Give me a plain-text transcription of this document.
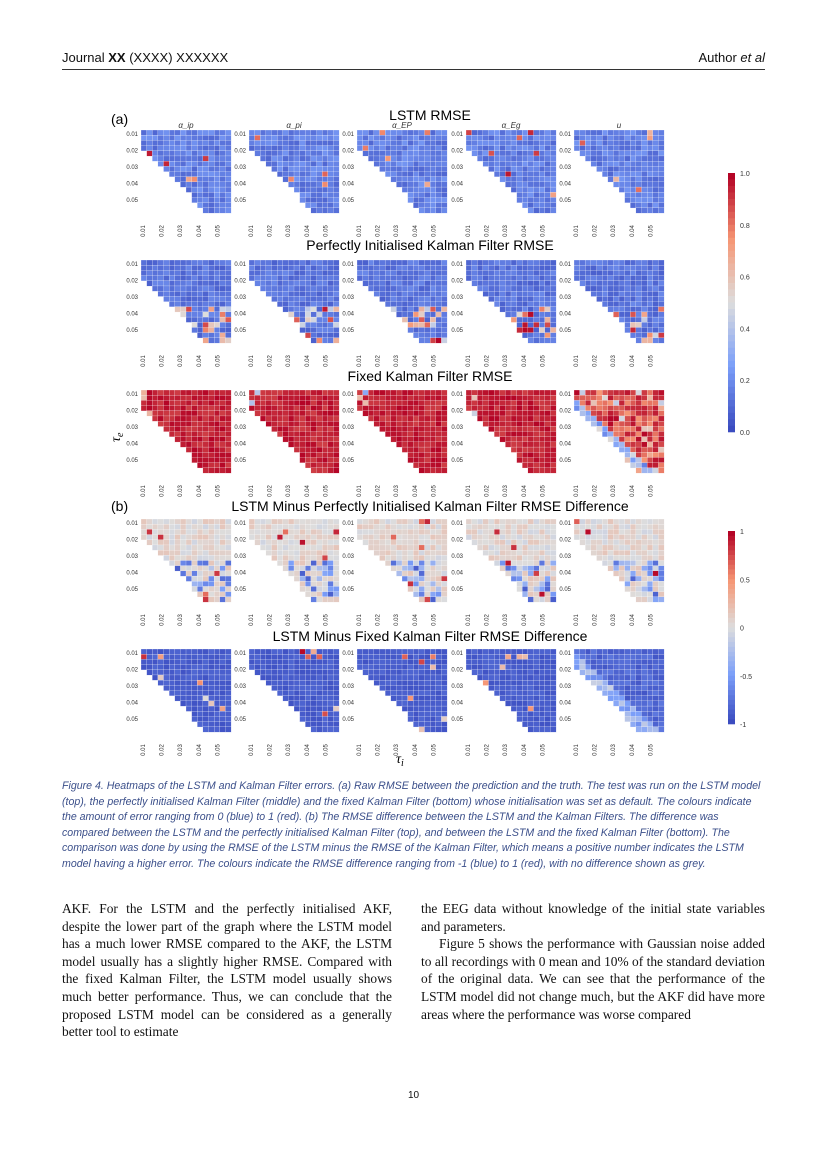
Journal XX (XXXX) XXXXXX	Author et al
(a)
(b)
$\tau_e$
$\tau_i$
LSTM RMSE
α_ip
0.01
0.02
0.03
0.04
0.05
0.01 0.02 0.03 0.04 0.05
α_pi
0.01
0.02
0.03
0.04
0.05
0.01 0.02 0.03 0.04 0.05
α_EP
0.01
0.02
0.03
0.04
0.05
0.01 0.02 0.03 0.04 0.05
α_Eg
0.01
0.02
0.03
0.04
0.05
0.01 0.02 0.03 0.04 0.05
u
0.01
0.02
0.03
0.04
0.05
0.01 0.02 0.03 0.04 0.05
Perfectly Initialised Kalman Filter RMSE
0.01
0.02
0.03
0.04
0.05
0.01 0.02 0.03 0.04 0.05
0.01
0.02
0.03
0.04
0.05
0.01 0.02 0.03 0.04 0.05
0.01
0.02
0.03
0.04
0.05
0.01 0.02 0.03 0.04 0.05
0.01
0.02
0.03
0.04
0.05
0.01 0.02 0.03 0.04 0.05
0.01
0.02
0.03
0.04
0.05
0.01 0.02 0.03 0.04 0.05
Fixed Kalman Filter RMSE
0.01
0.02
0.03
0.04
0.05
0.01 0.02 0.03 0.04 0.05
0.01
0.02
0.03
0.04
0.05
0.01 0.02 0.03 0.04 0.05
0.01
0.02
0.03
0.04
0.05
0.01 0.02 0.03 0.04 0.05
0.01
0.02
0.03
0.04
0.05
0.01 0.02 0.03 0.04 0.05
0.01
0.02
0.03
0.04
0.05
0.01 0.02 0.03 0.04 0.05
LSTM Minus Perfectly Initialised Kalman Filter RMSE Difference
0.01
0.02
0.03
0.04
0.05
0.01 0.02 0.03 0.04 0.05
0.01
0.02
0.03
0.04
0.05
0.01 0.02 0.03 0.04 0.05
0.01
0.02
0.03
0.04
0.05
0.01 0.02 0.03 0.04 0.05
0.01
0.02
0.03
0.04
0.05
0.01 0.02 0.03 0.04 0.05
0.01
0.02
0.03
0.04
0.05
0.01 0.02 0.03 0.04 0.05
LSTM Minus Fixed Kalman Filter RMSE Difference
0.01
0.02
0.03
0.04
0.05
0.01 0.02 0.03 0.04 0.05
0.01
0.02
0.03
0.04
0.05
0.01 0.02 0.03 0.04 0.05
0.01
0.02
0.03
0.04
0.05
0.01 0.02 0.03 0.04 0.05
0.01
0.02
0.03
0.04
0.05
0.01 0.02 0.03 0.04 0.05
0.01
0.02
0.03
0.04
0.05
0.01 0.02 0.03 0.04 0.05
1.0
0.8
0.6
0.4
0.2
0.0
1
0.5
0
-0.5
-1
Figure 4. Heatmaps of the LSTM and Kalman Filter errors. (a) Raw RMSE between the prediction and the truth. The test was run on the LSTM model (top), the perfectly initialised Kalman Filter (middle) and the fixed Kalman Filter (bottom) whose initialisation was set as default. The colours indicate the amount of error ranging from 0 (blue) to 1 (red). (b) The RMSE difference between the LSTM and the Kalman Filters. The difference was compared between the LSTM and the perfectly initialised Kalman Filter (top), and between the LSTM and the fixed Kalman Filter (bottom). The comparison was done by using the RMSE of the LSTM minus the RMSE of the Kalman Filter, which means a positive number indicates the LSTM model having a higher error. The colours indicate the RMSE difference ranging from -1 (blue) to 1 (red), with no difference shown as grey.

AKF. For the LSTM and the perfectly initialised AKF, despite the lower part of the graph where the LSTM model has a much lower RMSE compared to the AKF, the LSTM model usually has a slightly higher RMSE. Compared with the fixed Kalman Filter, the LSTM model usually shows much better performance. Thus, we can conclude that the proposed LSTM model can be considered as a generally better tool to estimate

the EEG data without knowledge of the initial state variables and parameters.

Figure 5 shows the performance with Gaussian noise added to all recordings with 0 mean and 10% of the standard deviation of the original data. We can see that the performance of the LSTM model did not change much, but the AKF did have more areas where the performance was worse compared

10
